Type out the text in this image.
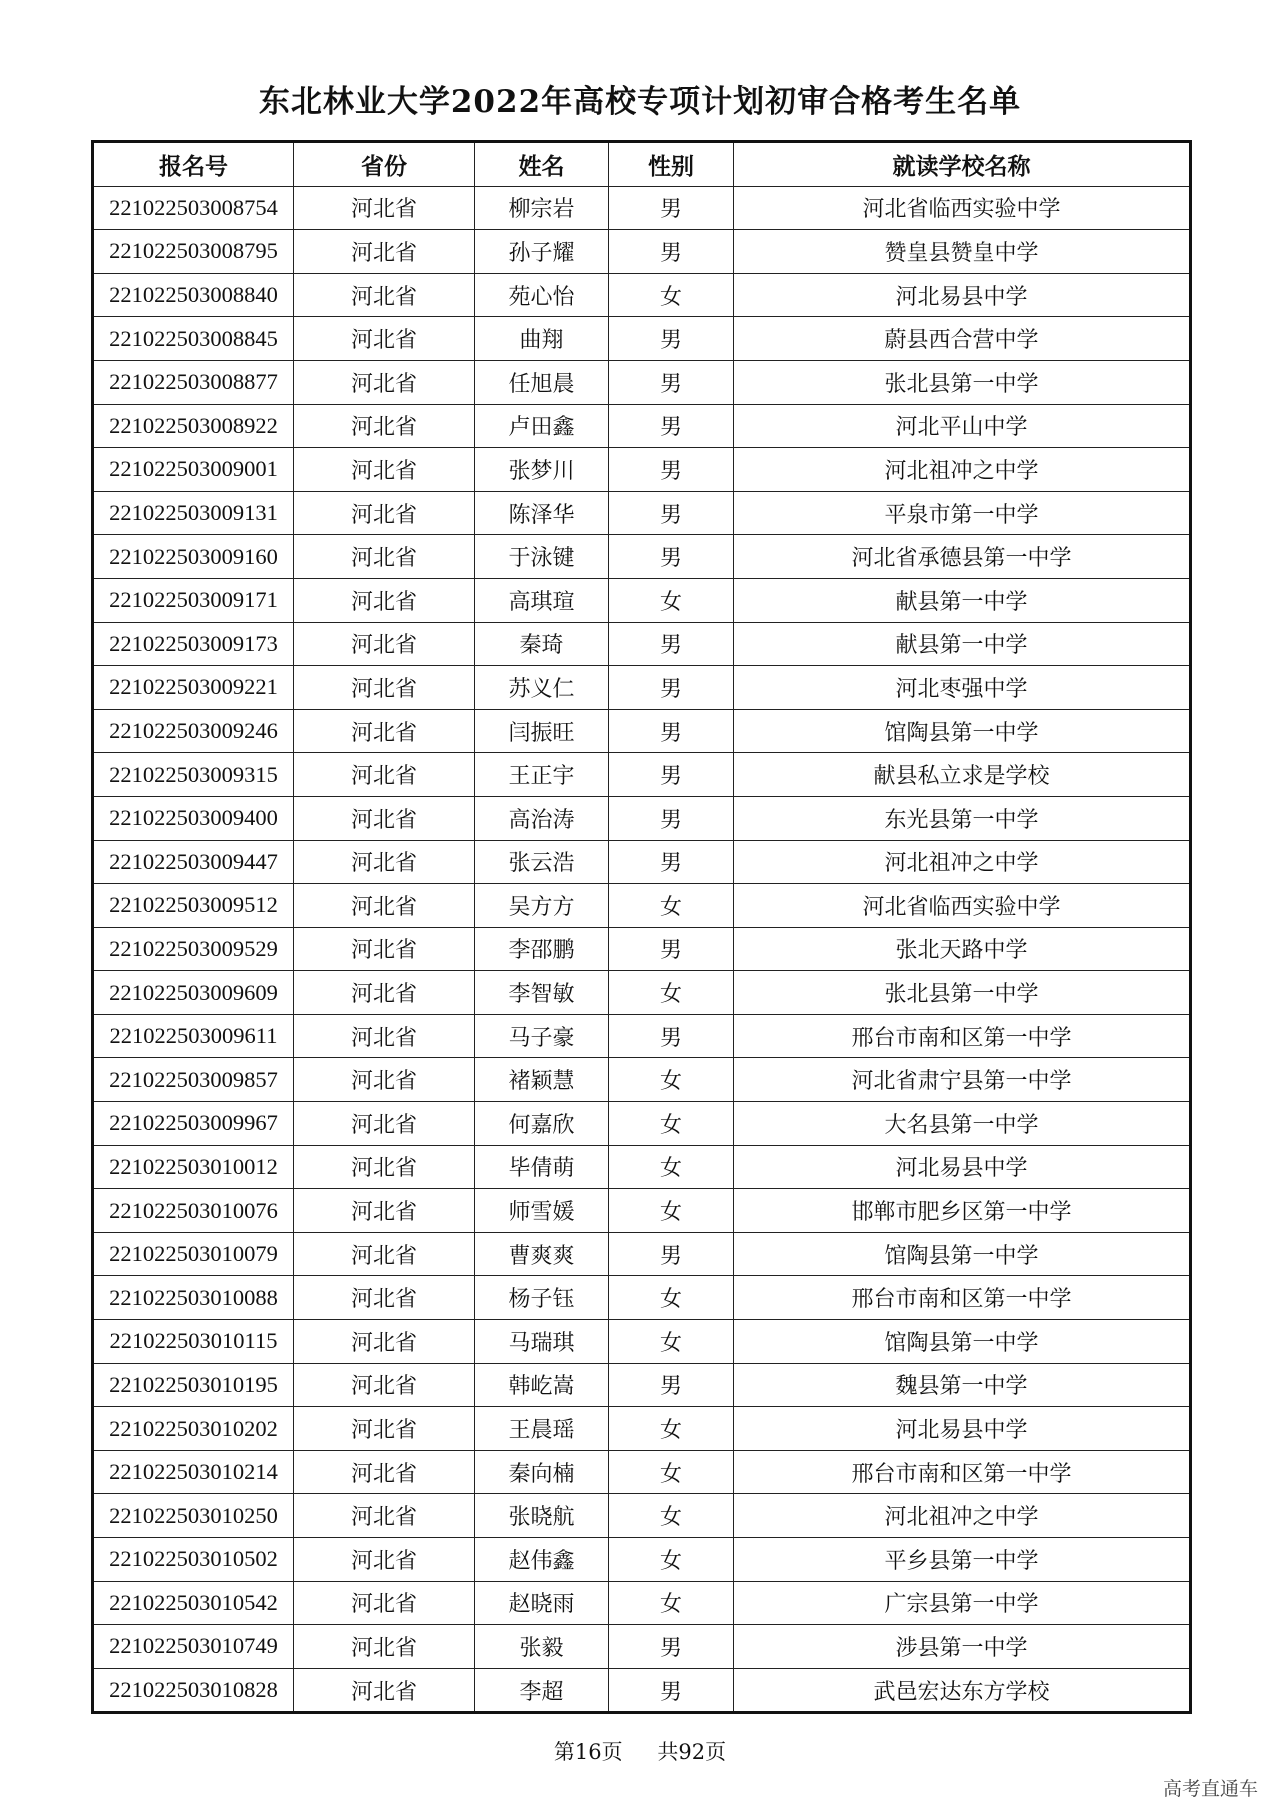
东北林业大学2022年高校专项计划初审合格考生名单
报名号	省份	姓名	性别	就读学校名称
221022503008754	河北省	柳宗岩	男	河北省临西实验中学
221022503008795	河北省	孙子耀	男	赞皇县赞皇中学
221022503008840	河北省	苑心怡	女	河北易县中学
221022503008845	河北省	曲翔	男	蔚县西合营中学
221022503008877	河北省	任旭晨	男	张北县第一中学
221022503008922	河北省	卢田鑫	男	河北平山中学
221022503009001	河北省	张梦川	男	河北祖冲之中学
221022503009131	河北省	陈泽华	男	平泉市第一中学
221022503009160	河北省	于泳键	男	河北省承德县第一中学
221022503009171	河北省	高琪瑄	女	献县第一中学
221022503009173	河北省	秦琦	男	献县第一中学
221022503009221	河北省	苏义仁	男	河北枣强中学
221022503009246	河北省	闫振旺	男	馆陶县第一中学
221022503009315	河北省	王正宇	男	献县私立求是学校
221022503009400	河北省	高治涛	男	东光县第一中学
221022503009447	河北省	张云浩	男	河北祖冲之中学
221022503009512	河北省	吴方方	女	河北省临西实验中学
221022503009529	河北省	李邵鹏	男	张北天路中学
221022503009609	河北省	李智敏	女	张北县第一中学
221022503009611	河北省	马子豪	男	邢台市南和区第一中学
221022503009857	河北省	褚颖慧	女	河北省肃宁县第一中学
221022503009967	河北省	何嘉欣	女	大名县第一中学
221022503010012	河北省	毕倩萌	女	河北易县中学
221022503010076	河北省	师雪媛	女	邯郸市肥乡区第一中学
221022503010079	河北省	曹爽爽	男	馆陶县第一中学
221022503010088	河北省	杨子钰	女	邢台市南和区第一中学
221022503010115	河北省	马瑞琪	女	馆陶县第一中学
221022503010195	河北省	韩屹嵩	男	魏县第一中学
221022503010202	河北省	王晨瑶	女	河北易县中学
221022503010214	河北省	秦向楠	女	邢台市南和区第一中学
221022503010250	河北省	张晓航	女	河北祖冲之中学
221022503010502	河北省	赵伟鑫	女	平乡县第一中学
221022503010542	河北省	赵晓雨	女	广宗县第一中学
221022503010749	河北省	张毅	男	涉县第一中学
221022503010828	河北省	李超	男	武邑宏达东方学校
第16页 共92页
高考直通车
